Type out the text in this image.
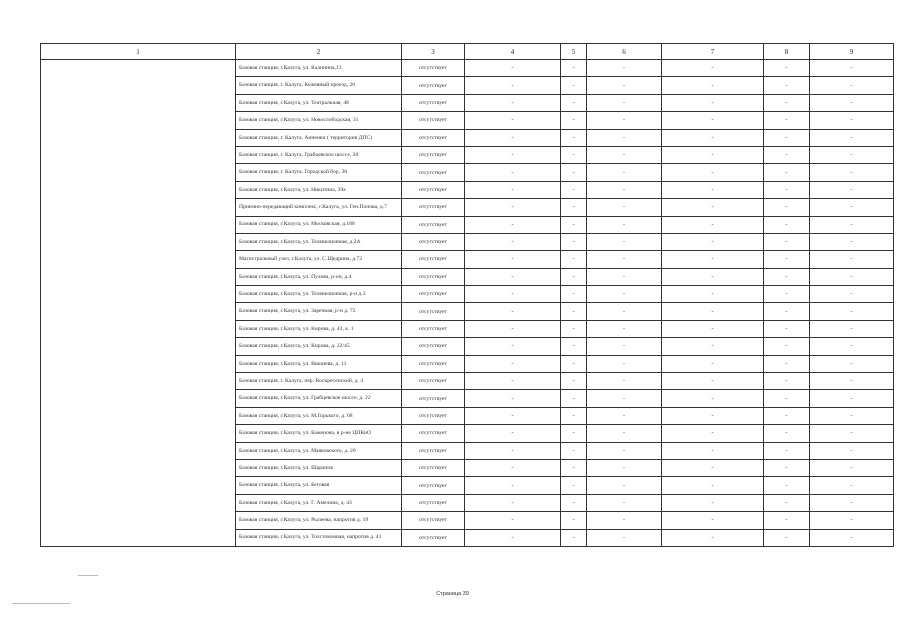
1	2	3	4	5	6	7	8	9
	Базовая станция, г.Калуга, ул. Калинина,13	отсутствует	-	-	-	-	-	-
	Базовая станция, г. Калуга, Кожевный проезд, 26	отсутствует	-	-	-	-	-	-
	Базовая станция, г.Калуга, ул. Театральная, 48	отсутствует	-	-	-	-	-	-
	Базовая станция, г.Калуга, ул. Новослободская, 31	отсутствует	-	-	-	-	-	-
	Базовая станция, г. Калуга, Анненки ( территория ДПС)	отсутствует	-	-	-	-	-	-
	Базовая станция, г. Калуга, Грабцевское шоссе, 20	отсутствует	-	-	-	-	-	-
	Базовая станция, г. Калуга, Городской бор, 38	отсутствует	-	-	-	-	-	-
	Базовая станция, г.Калуга, ул. Никитина, 39а	отсутствует	-	-	-	-	-	-
	Приемно-передающий комплекс, г.Калуга, ул. Ген.Попова, д.7	отсутствует	-	-	-	-	-	-
	Базовая станция, г.Калуга, ул. Московская, д.188	отсутствует	-	-	-	-	-	-
	Базовая станция, г.Калуга, ул. Телевизионная, д.2А	отсутствует	-	-	-	-	-	-
	Магистральный узел, г.Калуга, ул. С.Щедрина, д.72	отсутствует	-	-	-	-	-	-
	Базовая станция, г.Калуга, ул. Пухова, р-он, д.4	отсутствует	-	-	-	-	-	-
	Базовая станция, г.Калуга, ул. Телевизионная, р-н д.3	отсутствует	-	-	-	-	-	-
	Базовая станция, г.Калуга, ул. Заречная, р-н д. 72	отсутствует	-	-	-	-	-	-
	Базовая станция, г.Калуга, ул. Кирова, д. 43, к. 1	отсутствует	-	-	-	-	-	-
	Базовая станция, г.Калуга, ул. Кирова, д. 22/45	отсутствует	-	-	-	-	-	-
	Базовая станция, г.Калуга, ул. Вишнева, д. 11	отсутствует	-	-	-	-	-	-
	Базовая станция, г. Калуга, пер. Воскресенский, д. 4	отсутствует	-	-	-	-	-	-
	Базовая станция, г.Калуга, ул. Грабцевское шоссе, д. 22	отсутствует	-	-	-	-	-	-
	Базовая станция, г.Калуга, ул. М.Горького, д. 68	отсутствует	-	-	-	-	-	-
	Базовая станция, г.Калуга, ул. Баженова, в р-не ЦПКиО	отсутствует	-	-	-	-	-	-
	Базовая станция, г.Калуга, ул. Маяковского, д. 20	отсутствует	-	-	-	-	-	-
	Базовая станция, г.Калуга, ул. Шарапов	отсутствует	-	-	-	-	-	-
	Базовая станция, г.Калуга, ул. Беговая	отсутствует	-	-	-	-	-	-
	Базовая станция, г.Калуга, ул. Г. Амелина, д. 43	отсутствует	-	-	-	-	-	-
	Базовая станция, г.Калуга, ул. Рылеева, напротив д. 19	отсутствует	-	-	-	-	-	-
	Базовая станция, г.Калуга, ул. Толстокомная, напротив д. 41	отсутствует	-	-	-	-	-	-
Страница 39
